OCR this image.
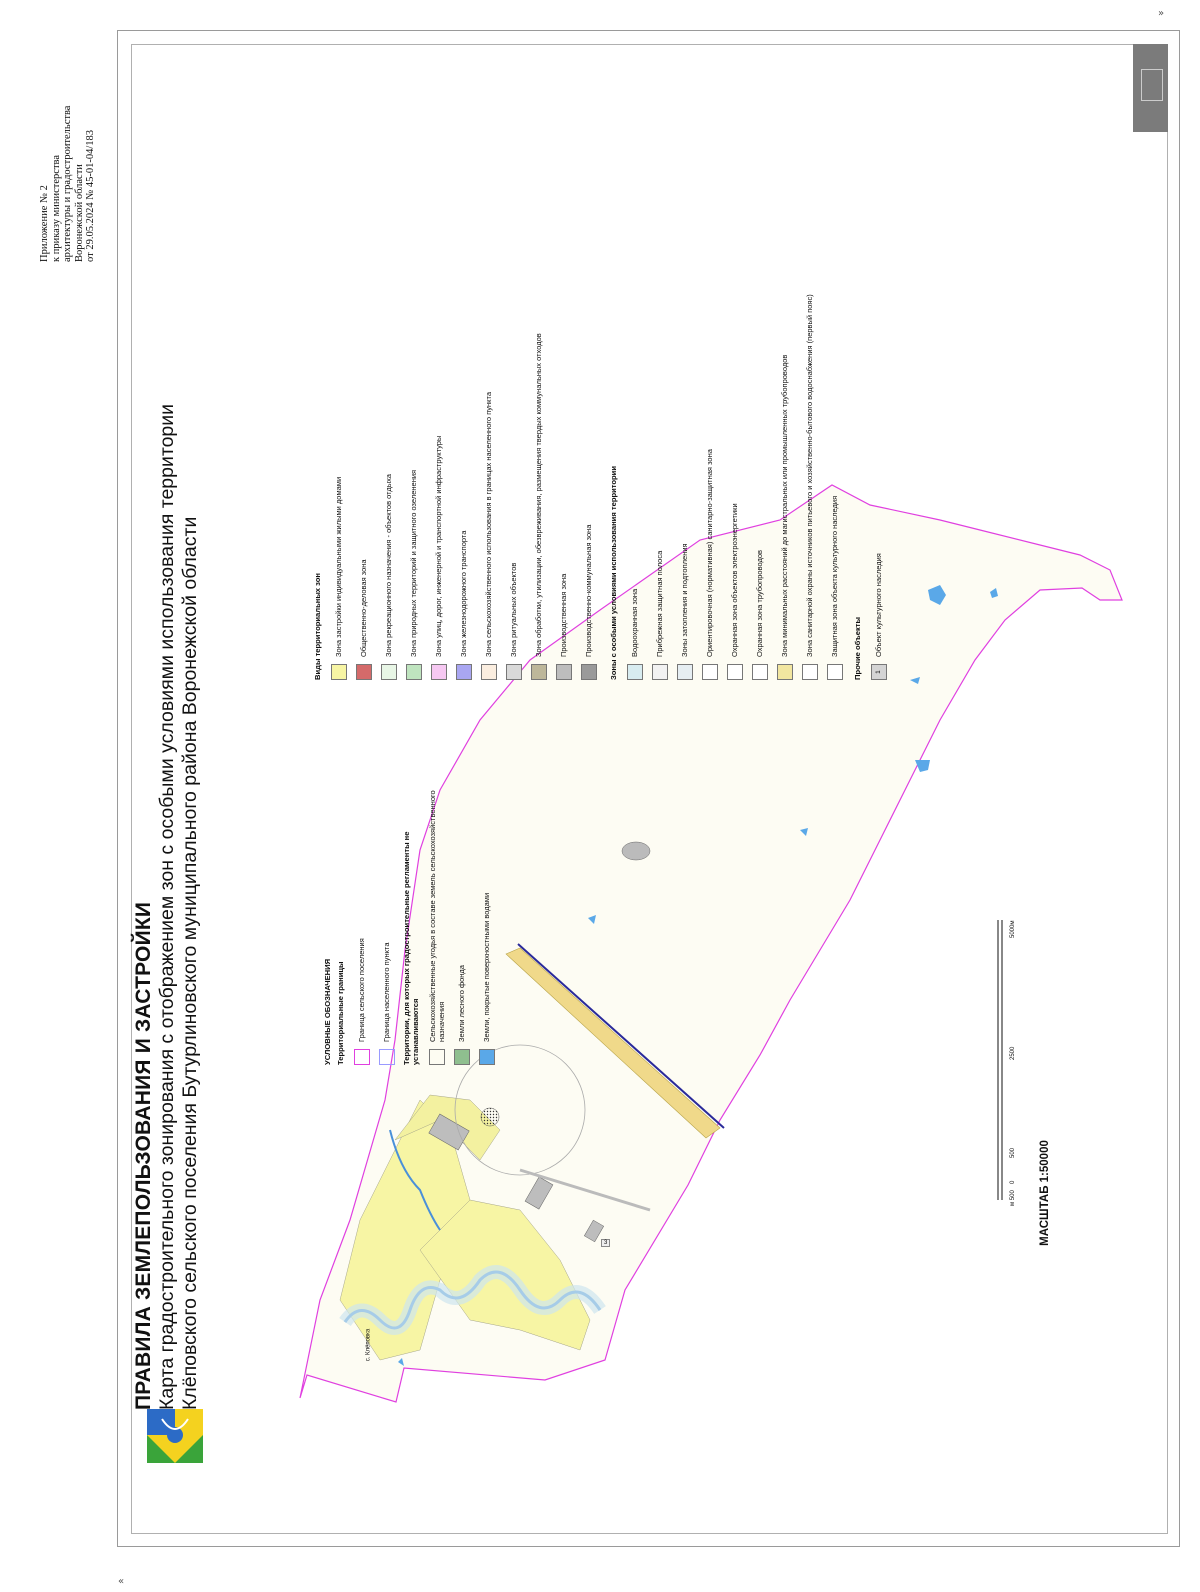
»
«
Приложение № 2 к приказу министерства архитектуры и градостроительства Воронежской области от 29.05.2024 № 45-01-04/183
с. Клёповка
3
ПРАВИЛА ЗЕМЛЕПОЛЬЗОВАНИЯ И ЗАСТРОЙКИ Карта градостроительного зонирования с отображением зон с особыми условиями использования территории Клёповского сельского поселения Бутурлиновского муниципального района Воронежской области	УСЛОВНЫЕ ОБОЗНАЧЕНИЯ Территориальные границы Граница сельского поселения Граница населенного пункта Территории, для которых градостроительные регламенты не устанавливаются Сельскохозяйственные угодья в составе земель сельскохозяйственного назначения Земли лесного фонда Земли, покрытые поверхностными водами
Виды территориальных зон Зона застройки индивидуальными жилыми домами Общественно-деловая зона Зона рекреационного назначения - объектов отдыха Зона природных территорий и защитного озеленения Зона улиц, дорог, инженерной и транспортной инфраструктуры Зона железнодорожного транспорта Зона сельскохозяйственного использования в границах населенного пункта Зона ритуальных объектов Зона обработки, утилизации, обезвреживания, размещения твердых коммунальных отходов Производственная зона Производственно-коммунальная зона Зоны с особыми условиями использования территории Водоохранная зона Прибрежная защитная полоса Зоны затопления и подтопления Ориентировочная (нормативная) санитарно-защитная зона Охранная зона объектов электроэнергетики Охранная зона трубопроводов Зона минимальных расстояний до магистральных или промышленных трубопроводов Зона санитарной охраны источников питьевого и хозяйственно-бытового водоснабжения (первый пояс) Защитная зона объекта культурного наследия Прочие объекты	1
Объект культурного наследия
МАСШТАБ 1:50000
м 500
0
500
2500
5000м
